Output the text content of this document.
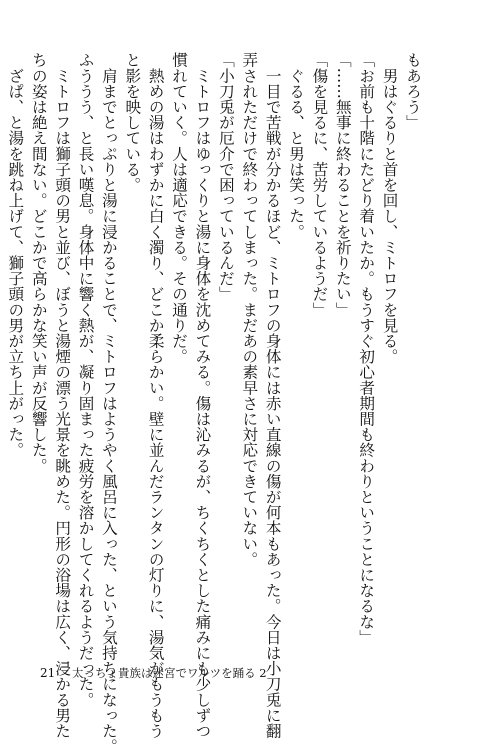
もあろう」

　男はぐるりと首を回し、ミトロフを見る。

「お前も十階にたどり着いたか。もうすぐ初心者期間も終わりということになるな」

「……無事に終わることを祈りたい」

「傷を見るに、苦労しているようだ」

　ぐるる、と男は笑った。

　一目で苦戦が分かるほど、ミトロフの身体には赤い直線の傷が何本もあった。今日は小刀兎に翻

弄されただけで終わってしまった。まだあの素早さに対応できていない。

「小刀兎が厄介で困っているんだ」

　ミトロフはゆっくりと湯に身体を沈めてみる。傷は沁みるが、ちくちくとした痛みにも少しずつ

慣れていく。人は適応できる。その通りだ。

　熱めの湯はわずかに白く濁り、どこか柔らかい。壁に並んだランタンの灯りに、湯気がもうもう

と影を映している。

　肩までとっぷりと湯に浸かることで、ミトロフはようやく風呂に入った、という気持ちになった。

ふううう、と長い嘆息。身体中に響く熱が、凝り固まった疲労を溶かしてくれるようだった。

　ミトロフは獅子頭の男と並び、ぼうと湯煙の漂う光景を眺めた。円形の浴場は広く、浸かる男た

ちの姿は絶え間ない。どこかで高らかな笑い声が反響した。

　ざぱ、と湯を跳ね上げて、獅子頭の男が立ち上がった。

21	太っちょ貴族は迷宮でワルツを踊る 2
